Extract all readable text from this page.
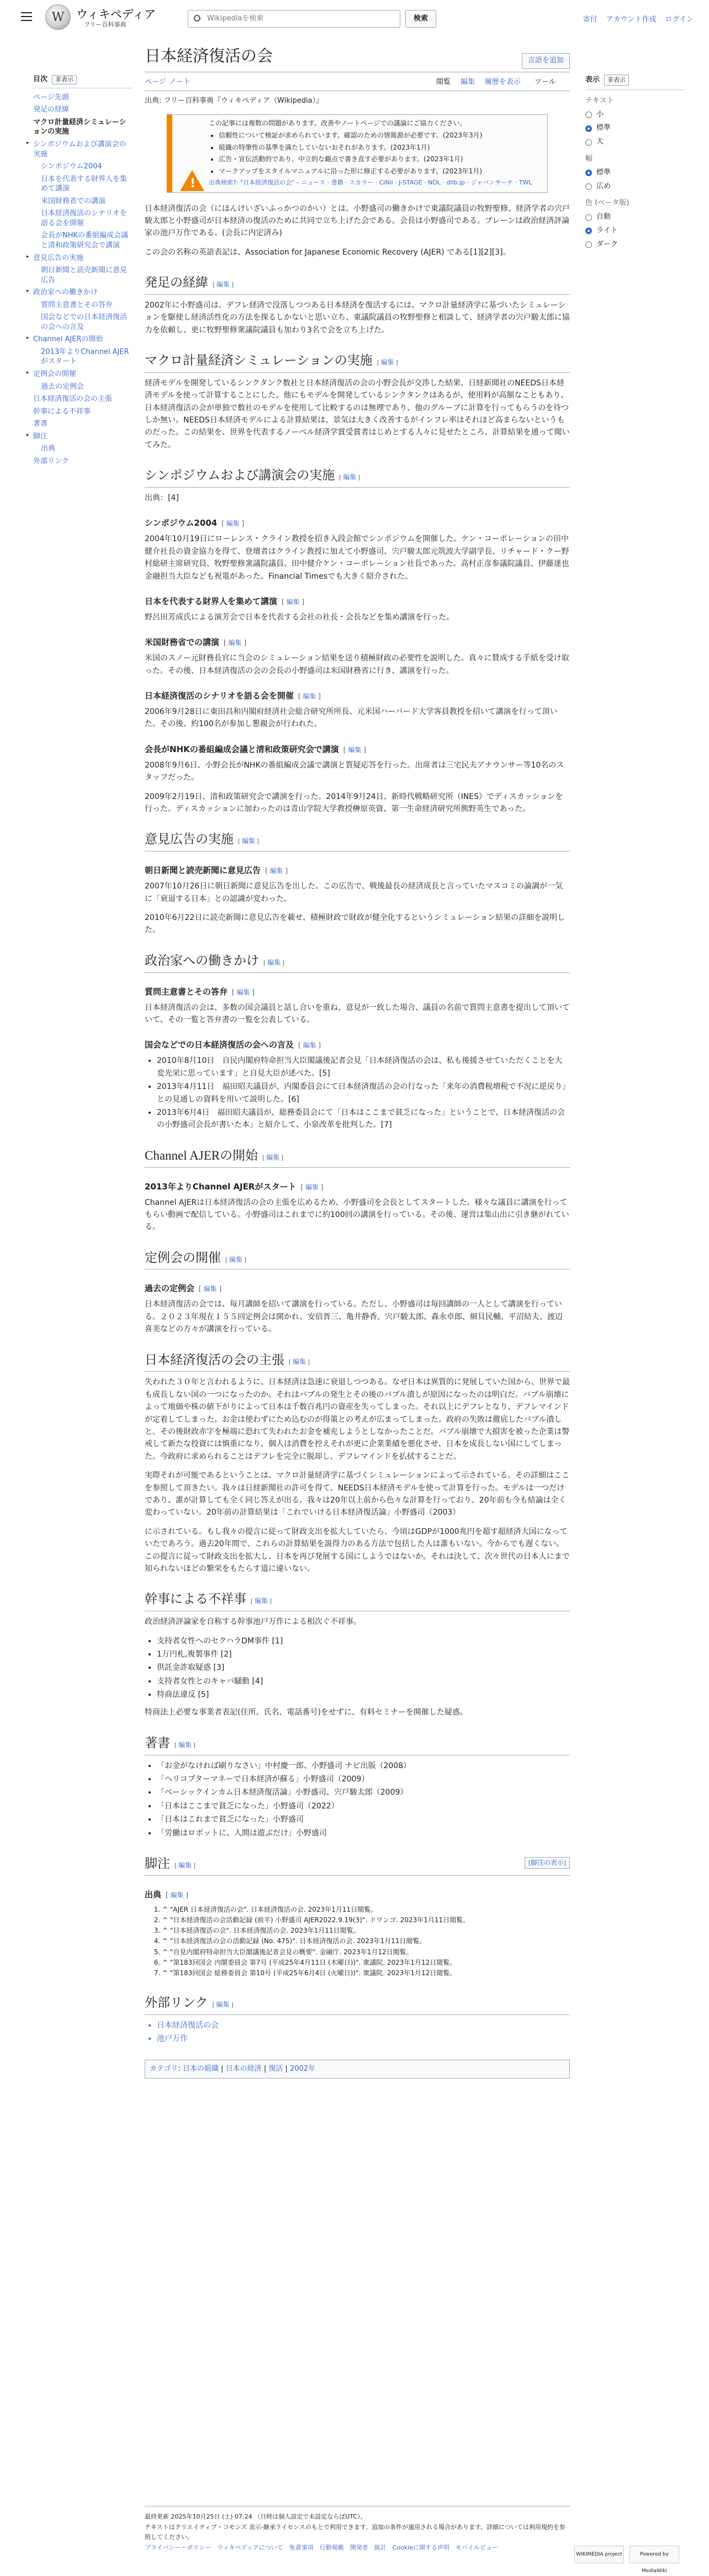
W	ウィキペディア
フリー百科事典
Wikipediaを検索	検索	寄付 アカウント作成 ログイン
目次 非表示
ページ先頭
発足の経緯
マクロ計量経済シミュレーションの実施
▸ シンポジウムおよび講演会の実施
シンポジウム2004
日本を代表する財界人を集めて講演
米国財務省での講演
日本経済復活のシナリオを語る会を開催
会長がNHKの番組編成会議と清和政策研究会で講演
▸ 意見広告の実施
朝日新聞と読売新聞に意見広告
▸ 政治家への働きかけ
質問主意書とその答弁
国会などでの日本経済復活の会への言及
▸ Channel AJERの開始
2013年よりChannel AJERがスタート
▸ 定例会の開催
過去の定例会
日本経済復活の会の主張
幹事による不祥事
著書
▸ 脚注
出典
外部リンク
日本経済復活の会	言語を追加
ページ ノート	閲覧 編集 履歴を表示 ツール
出典: フリー百科事典『ウィキペディア（Wikipedia）』
!
この記事には複数の問題があります。改善やノートページでの議論にご協力ください。
• 信頼性について検証が求められています。確認のための情報源が必要です。(2023年3月)
• 組織の特筆性の基準を満たしていないおそれがあります。(2023年1月)
• 広告・宣伝活動的であり、中立的な観点で書き直す必要があります。(2023年1月)
• マークアップをスタイルマニュアルに沿った形に修正する必要があります。(2023年1月)
出典検索?: "日本経済復活の会" – ニュース · 書籍 · スカラー · CiNii · J-STAGE · NDL · dlib.jp · ジャパンサーチ · TWL

日本経済復活の会（にほんけいざいふっかつのかい）とは、小野盛司の働きかけで東議院議員の牧野聖修、経済学者の宍戸駿太郎と小野盛司が日本経済の復活のために共同で立ち上げた会である。会長は小野盛司である。ブレーンは政治経済評論家の池戸万作である。(会長に内定済み)

この会の名称の英語表記は、Association for Japanese Economic Recovery (AJER) である[1][2][3]。

発足の経緯 [ 編集 ]

2002年に小野盛司は、デフレ経済で没落しつつある日本経済を復活するには、マクロ計量経済学に基づいたシミュレーションを駆使し経済活性化の方法を探るしかないと思い立ち、東議院議員の牧野聖修と相談して、経済学者の宍戸駿太郎に協力を依頼し、更に牧野聖修衆議院議員も加わり3名で会を立ち上げた。

マクロ計量経済シミュレーションの実施 [ 編集 ]

経済モデルを開発しているシンクタンク数社と日本経済復活の会の小野会長が交渉した結果、日経新聞社のNEEDS日本経済モデルを使って計算することにした。他にもモデルを開発しているシンクタンクはあるが、使用料が高額なこともあり、日本経済復活の会が単独で数社のモデルを使用して比較するのは無理であり、他のグループに計算を行ってもらうのを待つしか無い。NEEDS日本経済モデルによる計算結果は、景気は大きく改善するがインフレ率はそれほど高まらないというものだった。この結果を、世界を代表するノーベル経済学賞受賞者はじめとする人々に見せたところ、計算結果を通って聞いてみた。

シンポジウムおよび講演会の実施 [ 編集 ]

出典：[4]

シンポジウム2004 [ 編集 ]

2004年10月19日にローレンス・クライン教授を招き入段会館でシンポジウムを開催した。ケン・コーポレーションの田中健介社長の資金協力を得て、登壇者はクライン教授に加えて小野盛司、宍戸駿太郎元筑波大学副学長、リチャード・クー野村総研主席研究員、牧野聖修衆議院議員、田中健介ケン・コーポレーション社長であった。高村正彦参議院議員、伊藤達也金融担当大臣なども祝電があった。Financial Timesでも大きく紹介された。

日本を代表する財界人を集めて講演 [ 編集 ]

野呂田芳成氏による演芳会で日本を代表する会社の社長・会長などを集め講演を行った。

米国財務省での講演 [ 編集 ]

米国のスノー元財務長官に当会のシミュレーション結果を送り積極財政の必要性を説明した。真々に賛成する手紙を受け取った。その後、日本経済復活の会の会長の小野盛司は米国財務省に行き、講演を行った。

日本経済復活のシナリオを語る会を開催 [ 編集 ]

2006年9月28日に東田昌和内閣府経済社会総合研究所所長、元米国ハーバード大学客員教授を招いて講演を行って頂いた。その後、約100名が参加し懇親会が行われた。

会長がNHKの番組編成会議と清和政策研究会で講演 [ 編集 ]

2008年9月6日、小野会長がNHKの番組編成会議で講演と質疑応答を行った。出席者は三宅民夫アナウンサー等10名のスタッフだった。

2009年2月19日、清和政策研究会で講演を行った。2014年9月24日、新時代戦略研究所（INES）でディスカッションを行った。ディスカッションに加わったのは青山学院大学教授榊原英資、第一生命経済研究所熊野英生であった。

意見広告の実施 [ 編集 ]
朝日新聞と読売新聞に意見広告 [ 編集 ]

2007年10月26日に朝日新聞に意見広告を出した。この広告で、戦後最長の経済成長と言っていたマスコミの論調が一気に「衰退する日本」との認識が変わった。

2010年6月22日に読売新聞に意見広告を載せ、積極財政で財政が健全化するというシミュレーション結果の詳細を説明した。

政治家への働きかけ [ 編集 ]
質問主意書とその答弁 [ 編集 ]

日本経済復活の会は、多数の国会議員と話し合いを重ね、意見が一致した場合、議員の名前で質問主意書を提出して頂いていて、その一覧と答弁書の一覧を公表している。

国会などでの日本経済復活の会への言及 [ 編集 ]
• 2010年8月10日　自民内閣府特命担当大臣閣議後記者会見「日本経済復活の会は、私も後援させていただくことを大変光栄に思っています」と自見大臣が述べた。[5]
• 2013年4月11日　福田昭夫議員が、内閣委員会にて日本経済復活の会の行なった「来年の消費税増税で不況に逆戻り」との見通しの資料を用いて説明した。[6]
• 2013年6月4日　福田昭夫議員が、総務委員会にて「日本はここまで貧乏になった」ということで、日本経済復活の会の小野盛司会長が書いた本」と紹介して、小泉改革を批判した。[7]
Channel AJERの開始 [ 編集 ]
2013年よりChannel AJERがスタート [ 編集 ]

Channel AJERは日本経済復活の会の主張を広めるため、小野盛司を会長としてスタートした。様々な議員に講演を行ってもらい動画で配信している。小野盛司はこれまでに約100回の講演を行っている。その後、運営は集山出に引き継がれている。

定例会の開催 [ 編集 ]
過去の定例会 [ 編集 ]

日本経済復活の会では、毎月講師を招いて講演を行っている。ただし、小野盛司は毎回講師の一人として講演を行っている。２０２３年現在１５５回定例会は開かれ、安倍晋三、亀井静香、宍戸駿太郎、森永卓郎、細貝民輔、平沼結夫、渡辺喜美などの方々が講演を行っている。

日本経済復活の会の主張 [ 編集 ]

失われた３０年と言われるように、日本経済は急速に衰退しつつある。なぜ日本は異質的に発展していた国から、世界で最も成長しない国の一つになったのか。それはバブルの発生とその後のバブル潰しが原因になったのは明白だ。バブル崩壊によって地価や株の値下がりによって日本は千数百兆円の資産を失ってしまった。それ以上にデフレとなり、デフレマインドが定着してしまった。お金は使わずにため込むのが得策との考えが広まってしまった。政府の失敗は徹底したバブル潰しと、その後財政赤字を極端に恐れて失われたお金を補充しようとしなかったことだ。バブル崩壊で大損害を被った企業は警戒して新たな投資には慎重になり、個人は消費を控えそれが更に企業業績を悪化させ、日本を成長しない国にしてしまった。今政府に求められることはデフレを完全に脱却し、デフレマインドを払拭することだ。

実際それが可能であるということは、マクロ計量経済学に基づくシミュレーションによって示されている。その詳細はここを参照して頂きたい。我々は日経新聞社の許可を得て、NEEDS日本経済モデルを使って計算を行った。モデルは一つだけであり、誰が計算しても全く同じ答えが出る。我々は20年以上前から色々な計算を行っており、20年前も今も結論は全く変わっていない。20年前の計算結果は「これでいける日本経済復活論」小野盛司（2003）

に示されている。もし我々の提言に従って財政支出を拡大していたら、今頃はGDPが1000兆円を超す超経済大国になっていたであろう。過去20年間で、これらの計算結果を説得力のある方法で包括した人は誰もいない。今からでも遅くない。この提言に従って財政支出を拡大し、日本を再び発展する国にしようではないか。それは決して、次々世代の日本人にまで知られないほどの繁栄をもたらす道に違いない。

幹事による不祥事 [ 編集 ]

政治経済評論家を自称する幹事池戸万作による相次ぐ不祥事。

• 支持者女性へのセクハラDM事件 [1]
• 1万円札,複製事件 [2]
• 供託金詐取疑惑 [3]
• 支持者女性とのキャバ騒動 [4]
• 特商法違反 [5]

特商法上必要な事業者表記(住所、氏名、電話番号)をせずに、有料セミナーを開催した疑惑。

著書 [ 編集 ]
• 「お金がなければ刷りなさい」中村慶一郎、小野盛司 ナビ出版（2008）
• 「ヘリコプターマネーで日本経済が蘇る」小野盛司（2009）
• 「ベーシックインカム日本経済復活論」小野盛司、宍戸駿太郎（2009）
• 「日本はここまで貧乏になった」小野盛司（2022）
• 「日本はこれまで貧乏になった」小野盛司
• 「労働はロボットに、人間は遊ぶだけ」小野盛司
脚注 [ 編集 ]	[脚注の表示]
出典 [ 編集 ]
1. ^ "AJER 日本経済復活の会". 日本経済復活の会. 2023年1月11日閲覧。
2. ^ "日本経済復活の会活動記録 (前半) 小野盛司 AJER2022.9.19(3)". ドワンゴ. 2023年1月11日閲覧。
3. ^ "日本経済復活の会". 日本経済復活の会. 2023年1月11日閲覧。
4. ^ "日本経済復活の会の活動記録 (No. 475)". 日本経済復活の会. 2023年1月11日閲覧。
5. ^ "自見内閣府特命担当大臣閣議後記者会見の概要". 金融庁. 2023年1月12日閲覧。
6. ^ "第183回国会 内閣委員会 第7号 (平成25年4月11日 (木曜日))". 衆議院. 2023年1月12日閲覧。
7. ^ "第183回国会 総務委員会 第10号 (平成25年6月4日 (火曜日))". 衆議院. 2023年1月12日閲覧。
外部リンク [ 編集 ]
• 日本経済復活の会
• 池戸万作
カテゴリ: 日本の組織 | 日本の経済 | 復活 | 2002年
表示 非表示
テキスト
小
標準
大
幅
標準
広め
色 (ベータ版)
自動
ライト
ダーク
最終更新 2025年10月25日 (土) 07:24 （日時は個人設定で未設定ならばUTC）。
テキストはクリエイティブ・コモンズ 表示-継承ライセンスのもとで利用できます。追加の条件が適用される場合があります。詳細については利用規約を参照してください。
プライバシー・ポリシー　ウィキペディアについて　免責事項　行動規範　開発者　統計　Cookieに関する声明　モバイルビュー
WIKIMEDIA project	Powered by MediaWiki
